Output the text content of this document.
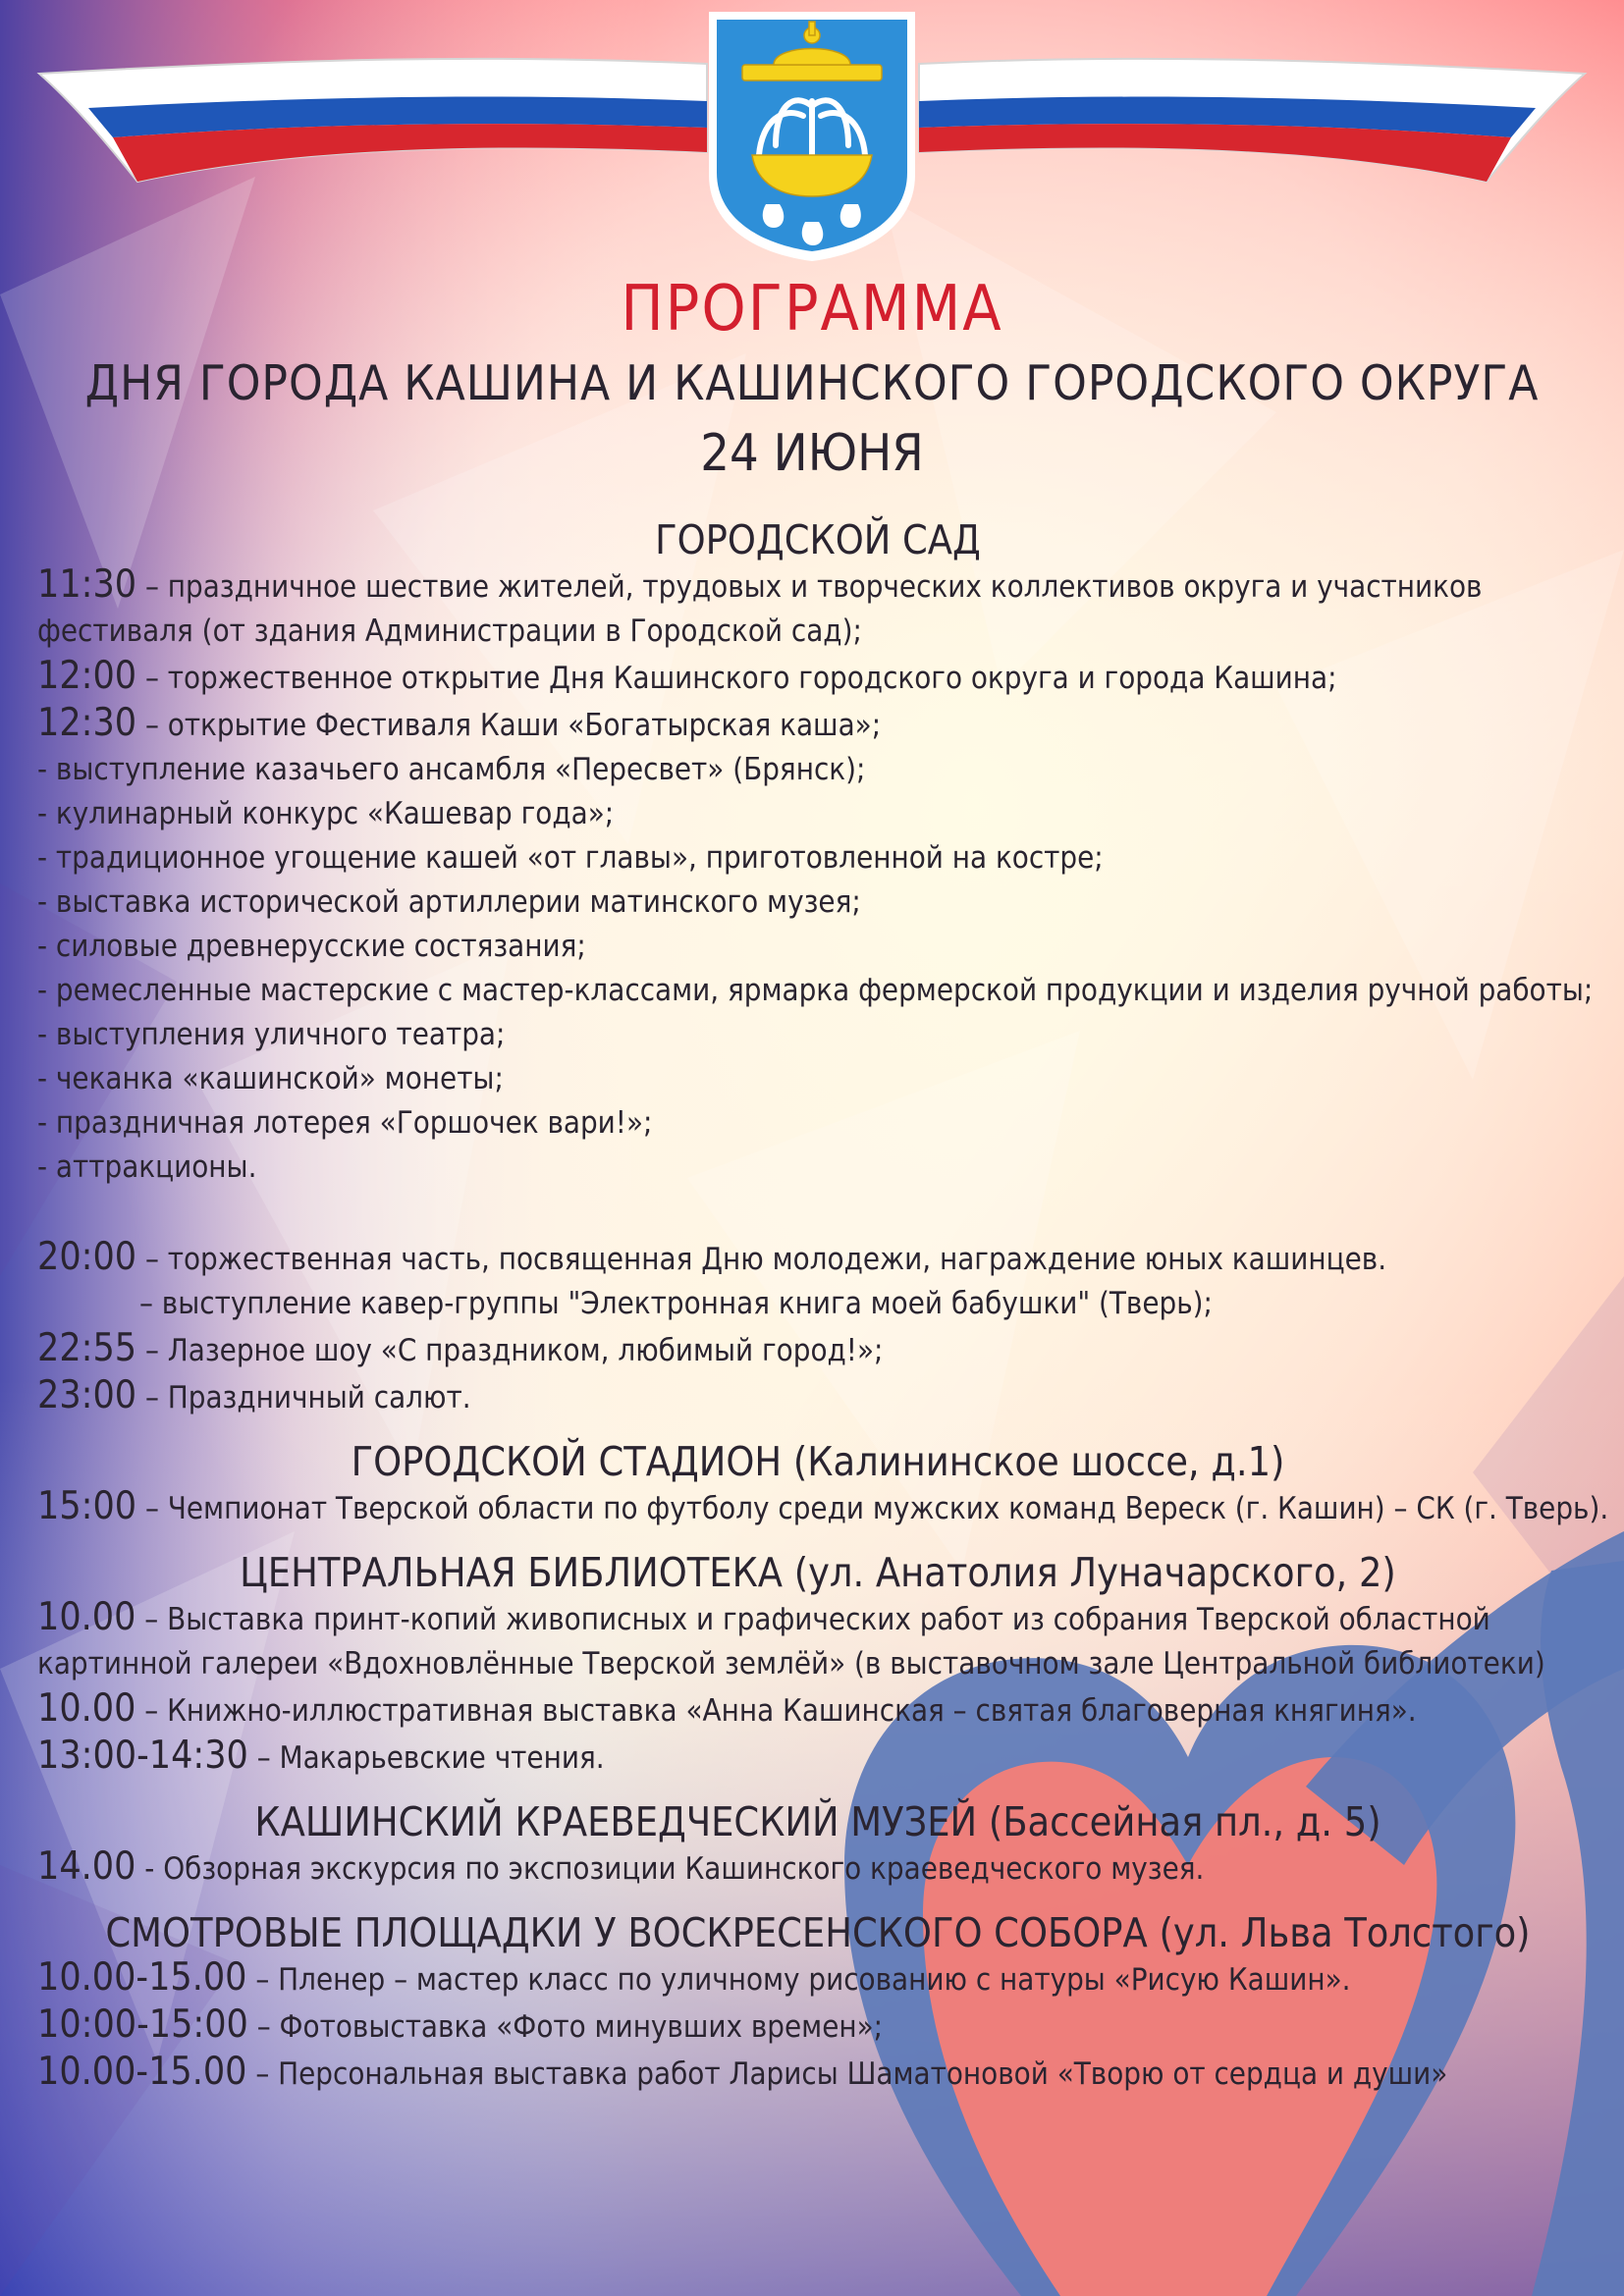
ПРОГРАММА
ДНЯ ГОРОДА КАШИНА И КАШИНСКОГО ГОРОДСКОГО ОКРУГА
24 ИЮНЯ
ГОРОДСКОЙ САД
11:30 – праздничное шествие жителей, трудовых и творческих коллективов округа и участников фестиваля (от здания Администрации в Городской сад);
12:00 – торжественное открытие Дня Кашинского городского округа и города Кашина;
12:30 – открытие Фестиваля Каши «Богатырская каша»;
- выступление казачьего ансамбля «Пересвет» (Брянск);
- кулинарный конкурс «Кашевар года»;
- традиционное угощение кашей «от главы», приготовленной на костре;
- выставка исторической артиллерии матинского музея;
- силовые древнерусские состязания;
- ремесленные мастерские с мастер-классами, ярмарка фермерской продукции и изделия ручной работы;
- выступления уличного театра;
- чеканка «кашинской» монеты;
- праздничная лотерея «Горшочек вари!»;
- аттракционы.
20:00 – торжественная часть, посвященная Дню молодежи, награждение юных кашинцев.
– выступление кавер-группы "Электронная книга моей бабушки" (Тверь);
22:55 – Лазерное шоу «С праздником, любимый город!»;
23:00 – Праздничный салют.
ГОРОДСКОЙ СТАДИОН (Калининское шоссе, д.1)
15:00 – Чемпионат Тверской области по футболу среди мужских команд Вереск (г. Кашин) – СК (г. Тверь).
ЦЕНТРАЛЬНАЯ БИБЛИОТЕКА (ул. Анатолия Луначарского, 2)
10.00 – Выставка принт-копий живописных и графических работ из собрания Тверской областной картинной галереи «Вдохновлённые Тверской землёй» (в выставочном зале Центральной библиотеки)
10.00 – Книжно-иллюстративная выставка «Анна Кашинская – святая благоверная княгиня».
13:00-14:30 – Макарьевские чтения.
КАШИНСКИЙ КРАЕВЕДЧЕСКИЙ МУЗЕЙ (Бассейная пл., д. 5)
14.00 - Обзорная экскурсия по экспозиции Кашинского краеведческого музея.
СМОТРОВЫЕ ПЛОЩАДКИ У ВОСКРЕСЕНСКОГО СОБОРА (ул. Льва Толстого)
10.00-15.00 – Пленер – мастер класс по уличному рисованию с натуры «Рисую Кашин».
10:00-15:00 – Фотовыставка «Фото минувших времен»;
10.00-15.00 – Персональная выставка работ Ларисы Шаматоновой «Творю от сердца и души»
